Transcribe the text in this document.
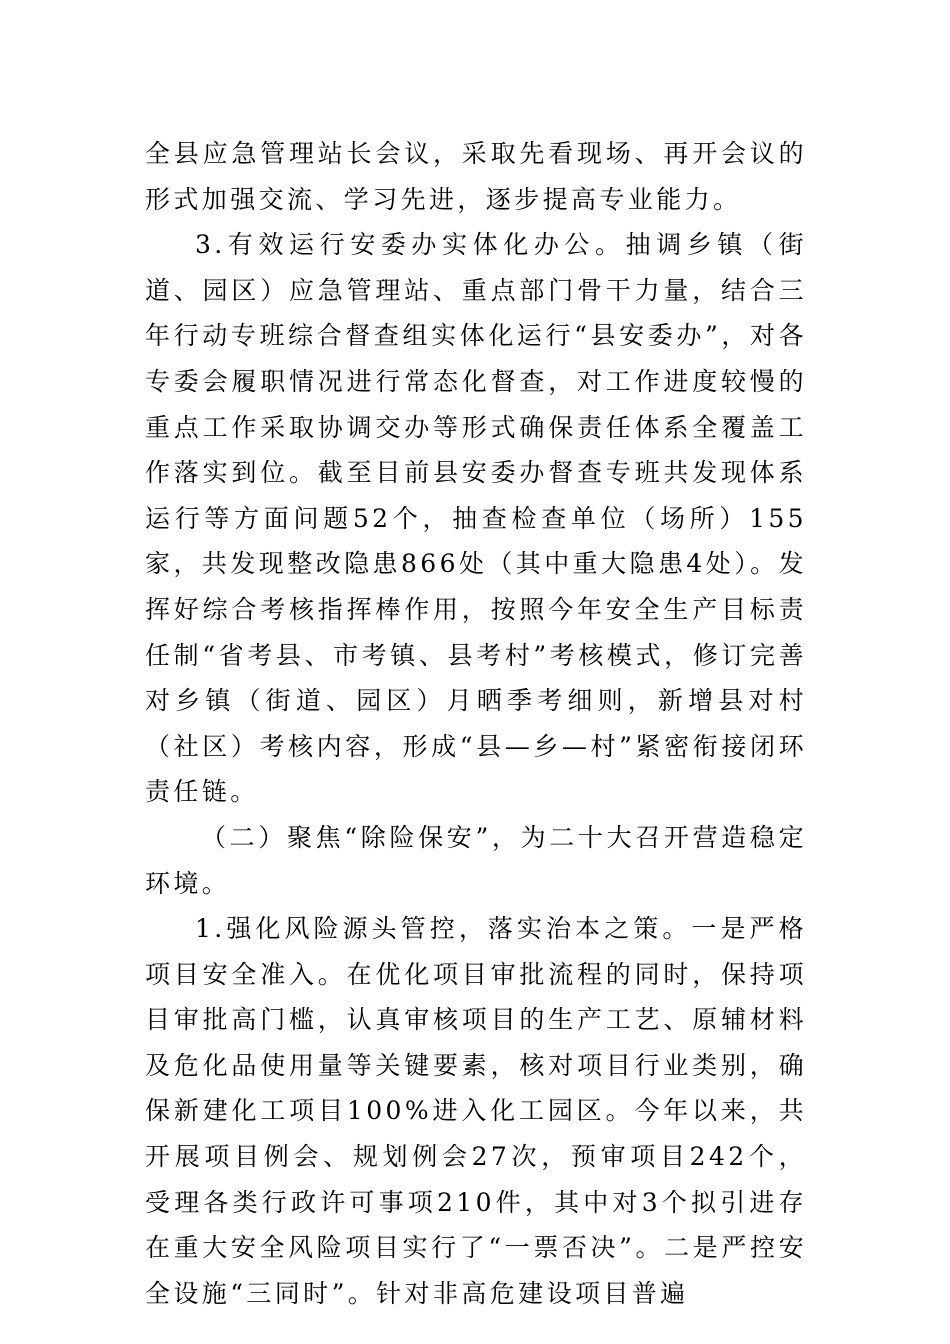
全县应急管理站长会议，采取先看现场、再开会议的形式加强交流、学习先进，逐步提高专业能力。

3.有效运行安委办实体化办公。抽调乡镇（街道、园区）应急管理站、重点部门骨干力量，结合三年行动专班综合督查组实体化运行“县安委办”，对各专委会履职情况进行常态化督查，对工作进度较慢的重点工作采取协调交办等形式确保责任体系全覆盖工作落实到位。截至目前县安委办督查专班共发现体系运行等方面问题52个，抽查检查单位（场所）155家，共发现整改隐患866处（其中重大隐患4处）。发挥好综合考核指挥棒作用，按照今年安全生产目标责任制“省考县、市考镇、县考村”考核模式，修订完善对乡镇（街道、园区）月晒季考细则，新增县对村（社区）考核内容，形成“县—乡—村”紧密衔接闭环责任链。

（二）聚焦“除险保安”，为二十大召开营造稳定环境。

1.强化风险源头管控，落实治本之策。一是严格项目安全准入。在优化项目审批流程的同时，保持项目审批高门槛，认真审核项目的生产工艺、原辅材料及危化品使用量等关键要素，核对项目行业类别，确保新建化工项目100%进入化工园区。今年以来，共开展项目例会、规划例会27次，预审项目242个，受理各类行政许可事项210件，其中对3个拟引进存在重大安全风险项目实行了“一票否决”。二是严控安全设施“三同时”。针对非高危建设项目普遍
